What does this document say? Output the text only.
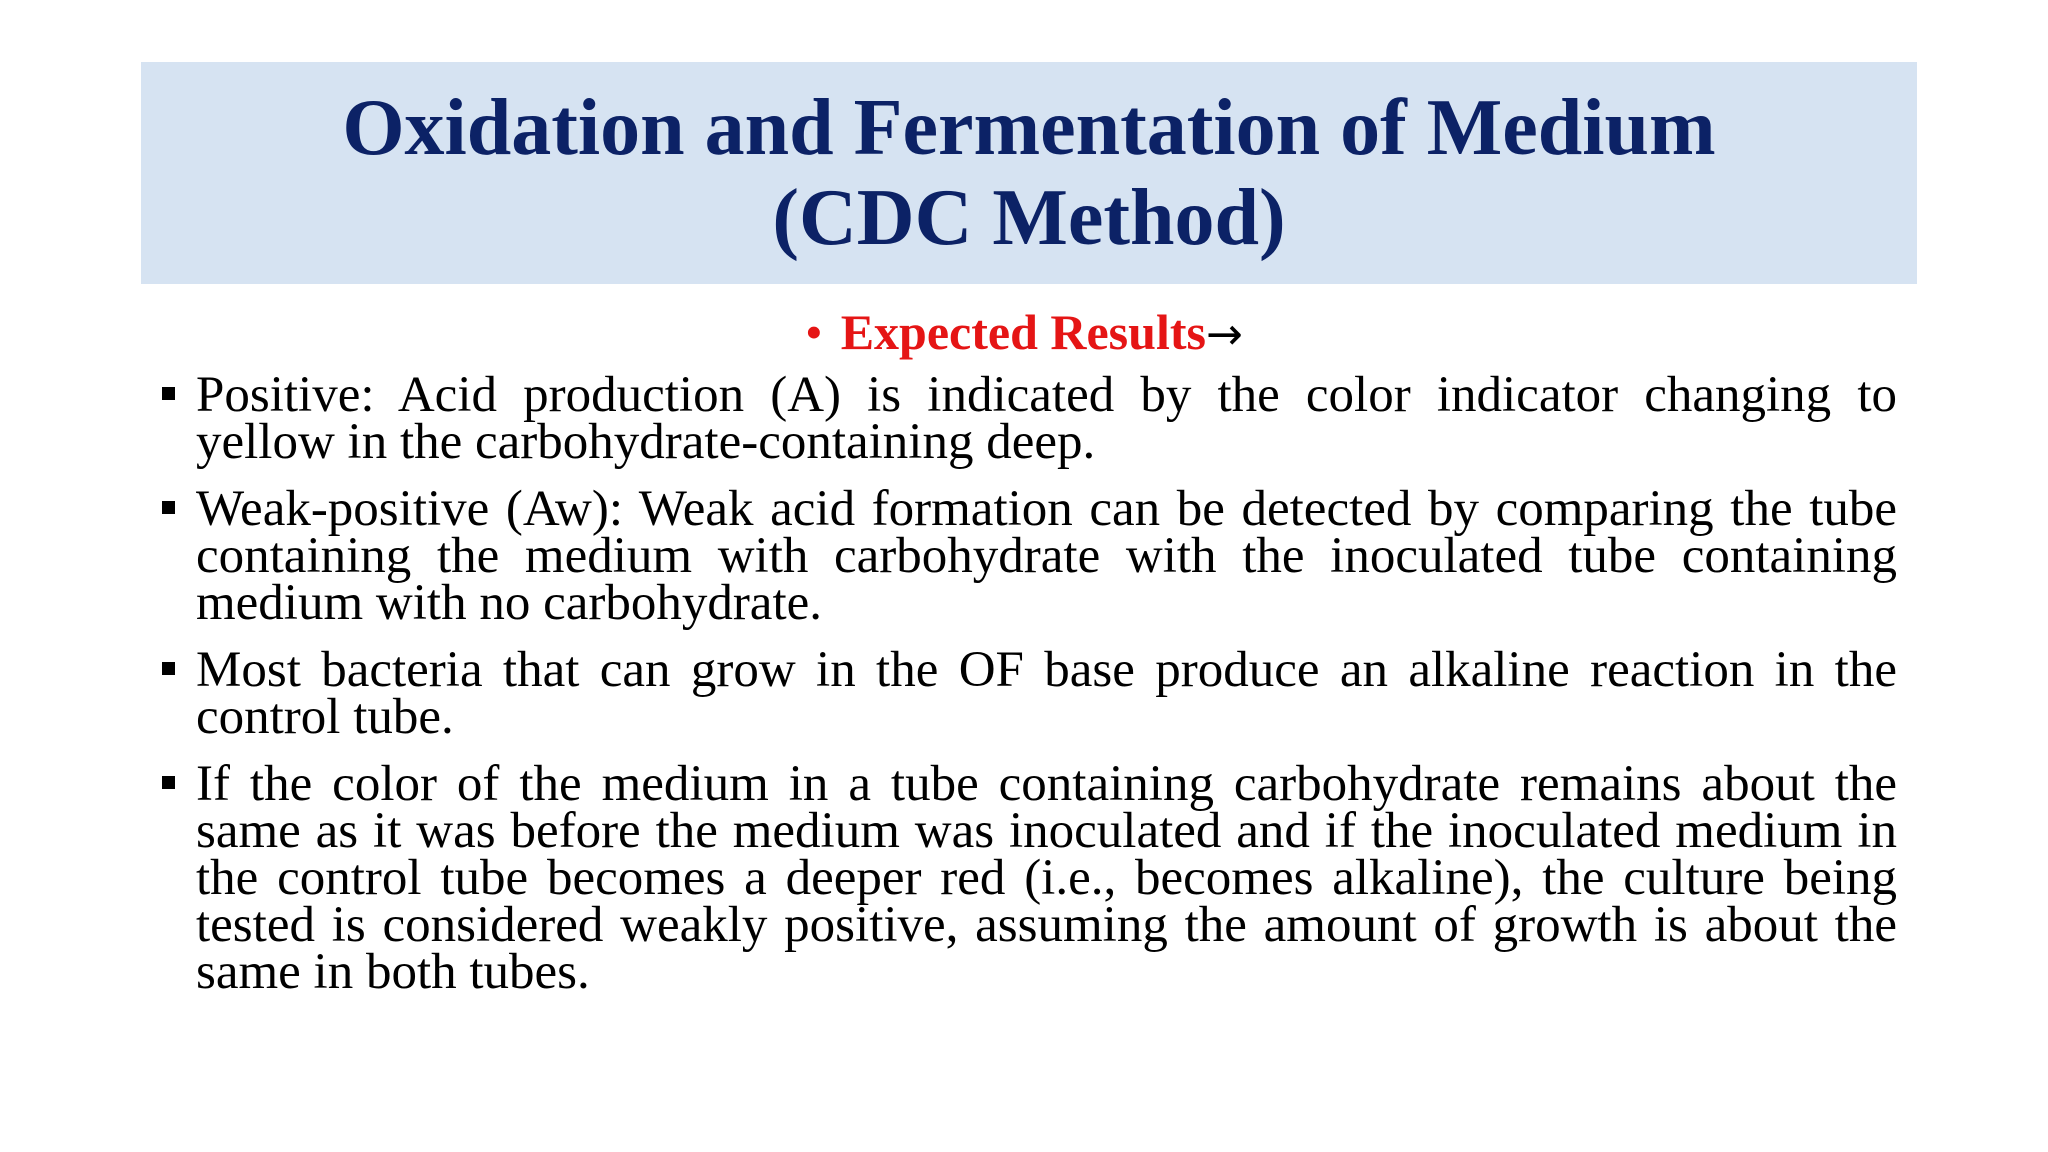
Oxidation and Fermentation of Medium
(CDC Method)
• Expected Results→
Positive: Acid production (A) is indicated by the color indicator changing to yellow in the carbohydrate-containing deep.
Weak-positive (Aw): Weak acid formation can be detected by comparing the tube containing the medium with carbohydrate with the inoculated tube containing medium with no carbohydrate.
Most bacteria that can grow in the OF base produce an alkaline reaction in the control tube.
If the color of the medium in a tube containing carbohydrate remains about the same as it was before the medium was inoculated and if the inoculated medium in the control tube becomes a deeper red (i.e., becomes alkaline), the culture being tested is considered weakly positive, assuming the amount of growth is about the same in both tubes.
